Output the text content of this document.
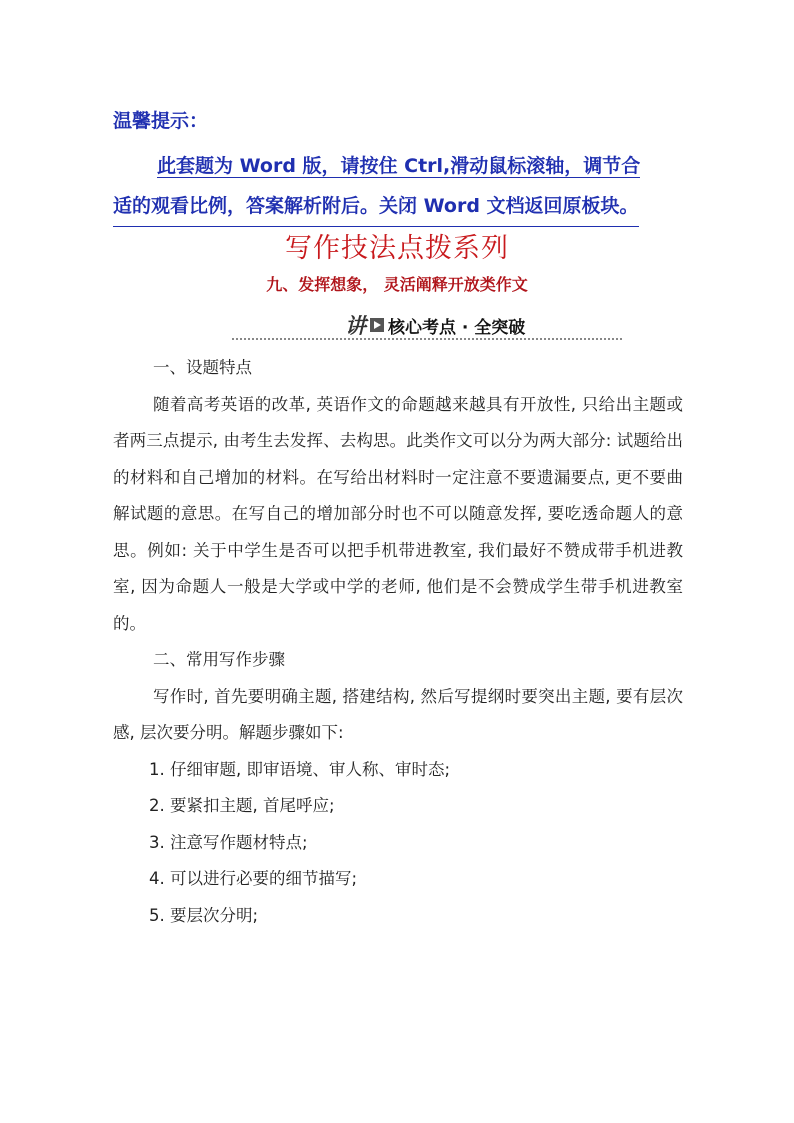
温馨提示：
此套题为 Word 版，请按住 Ctrl,滑动鼠标滚轴，调节合
适的观看比例，答案解析附后。关闭 Word 文档返回原板块。
写作技法点拨系列
九、发挥想象， 灵活阐释开放类作文
讲 核心考点 · 全突破

一、设题特点

随着高考英语的改革, 英语作文的命题越来越具有开放性, 只给出主题或者两三点提示, 由考生去发挥、去构思。此类作文可以分为两大部分: 试题给出的材料和自己增加的材料。在写给出材料时一定注意不要遗漏要点, 更不要曲解试题的意思。在写自己的增加部分时也不可以随意发挥, 要吃透命题人的意思。例如: 关于中学生是否可以把手机带进教室, 我们最好不赞成带手机进教室, 因为命题人一般是大学或中学的老师, 他们是不会赞成学生带手机进教室的。

二、常用写作步骤

写作时, 首先要明确主题, 搭建结构, 然后写提纲时要突出主题, 要有层次感, 层次要分明。解题步骤如下:

1. 仔细审题, 即审语境、审人称、审时态;

2. 要紧扣主题, 首尾呼应;

3. 注意写作题材特点;

4. 可以进行必要的细节描写;

5. 要层次分明;
